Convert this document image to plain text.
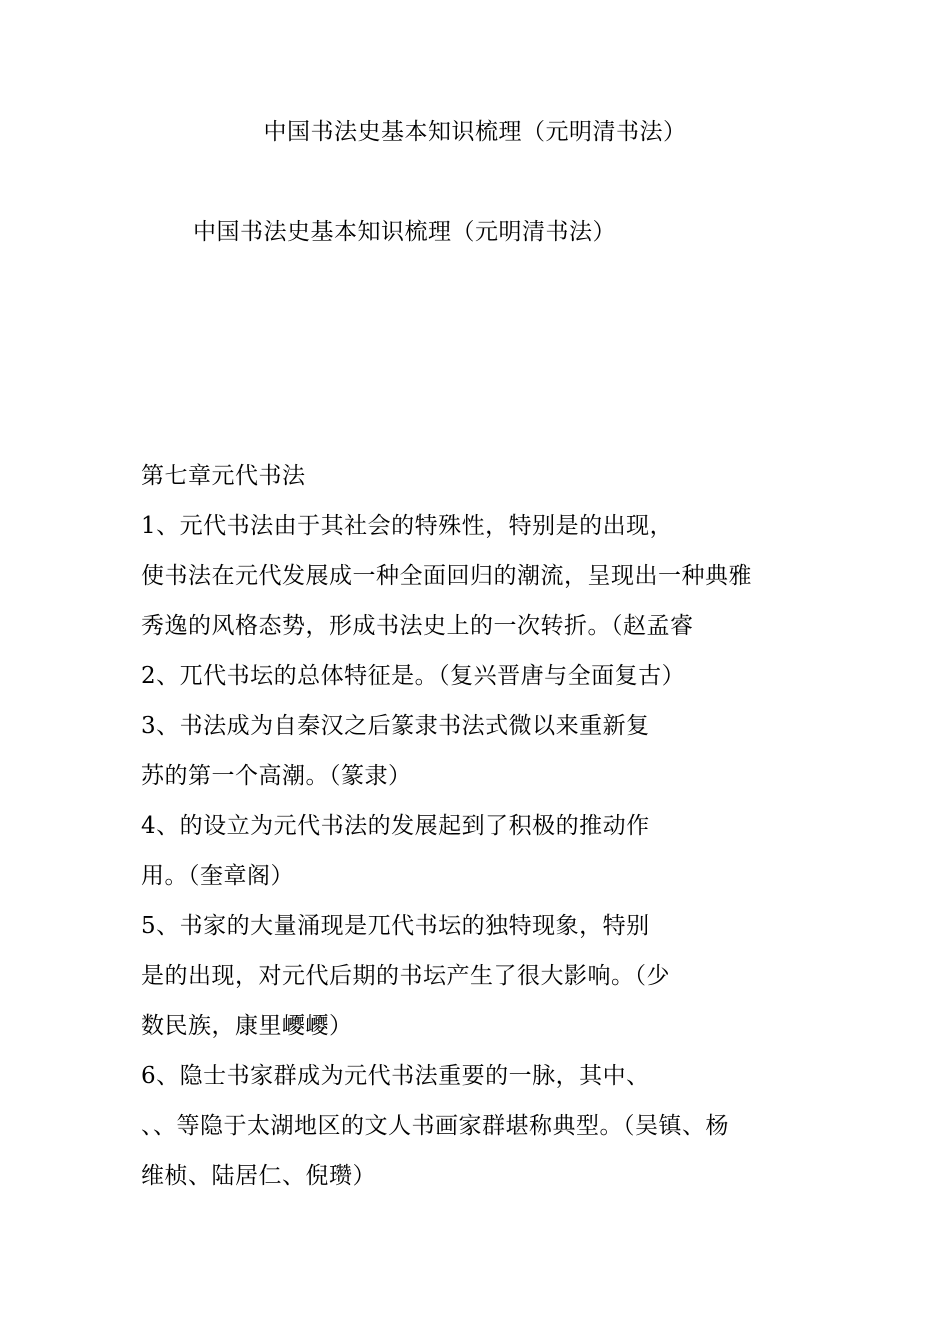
中国书法史基本知识梳理（元明清书法）
中国书法史基本知识梳理（元明清书法）
第七章元代书法
1、元代书法由于其社会的特殊性，特别是的出现，
使书法在元代发展成一种全面回归的潮流，呈现出一种典雅
秀逸的风格态势，形成书法史上的一次转折。（赵孟睿
2、兀代书坛的总体特征是。（复兴晋唐与全面复古）
3、书法成为自秦汉之后篆隶书法式微以来重新复
苏的第一个高潮。（篆隶）
4、的设立为元代书法的发展起到了积极的推动作
用。（奎章阁）
5、书家的大量涌现是兀代书坛的独特现象，特别
是的出现，对元代后期的书坛产生了很大影响。（少
数民族，康里巎巎）
6、隐士书家群成为元代书法重要的一脉，其中、
、、等隐于太湖地区的文人书画家群堪称典型。（吴镇、杨
维桢、陆居仁、倪瓒）
